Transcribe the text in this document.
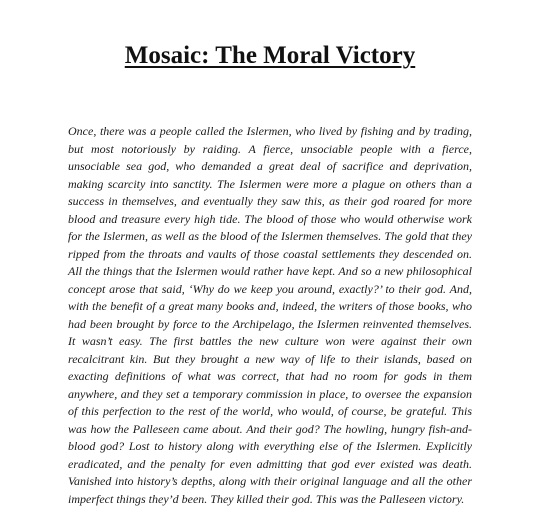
Mosaic: The Moral Victory

Once, there was a people called the Islermen, who lived by fishing and by trading, but most notoriously by raiding. A fierce, unsociable people with a fierce, unsociable sea god, who demanded a great deal of sacrifice and deprivation, making scarcity into sanctity. The Islermen were more a plague on others than a success in themselves, and eventually they saw this, as their god roared for more blood and treasure every high tide. The blood of those who would otherwise work for the Islermen, as well as the blood of the Islermen themselves. The gold that they ripped from the throats and vaults of those coastal settlements they descended on. All the things that the Islermen would rather have kept. And so a new philosophical concept arose that said, ‘Why do we keep you around, exactly?’ to their god. And, with the benefit of a great many books and, indeed, the writers of those books, who had been brought by force to the Archipelago, the Islermen reinvented themselves. It wasn’t easy. The first battles the new culture won were against their own recalcitrant kin. But they brought a new way of life to their islands, based on exacting definitions of what was correct, that had no room for gods in them anywhere, and they set a temporary commission in place, to oversee the expansion of this perfection to the rest of the world, who would, of course, be grateful. This was how the Palleseen came about. And their god? The howling, hungry fish-and-blood god? Lost to history along with everything else of the Islermen. Explicitly eradicated, and the penalty for even admitting that god ever existed was death. Vanished into history’s depths, along with their original language and all the other imperfect things they’d been. They killed their god. This was the Palleseen victory.
